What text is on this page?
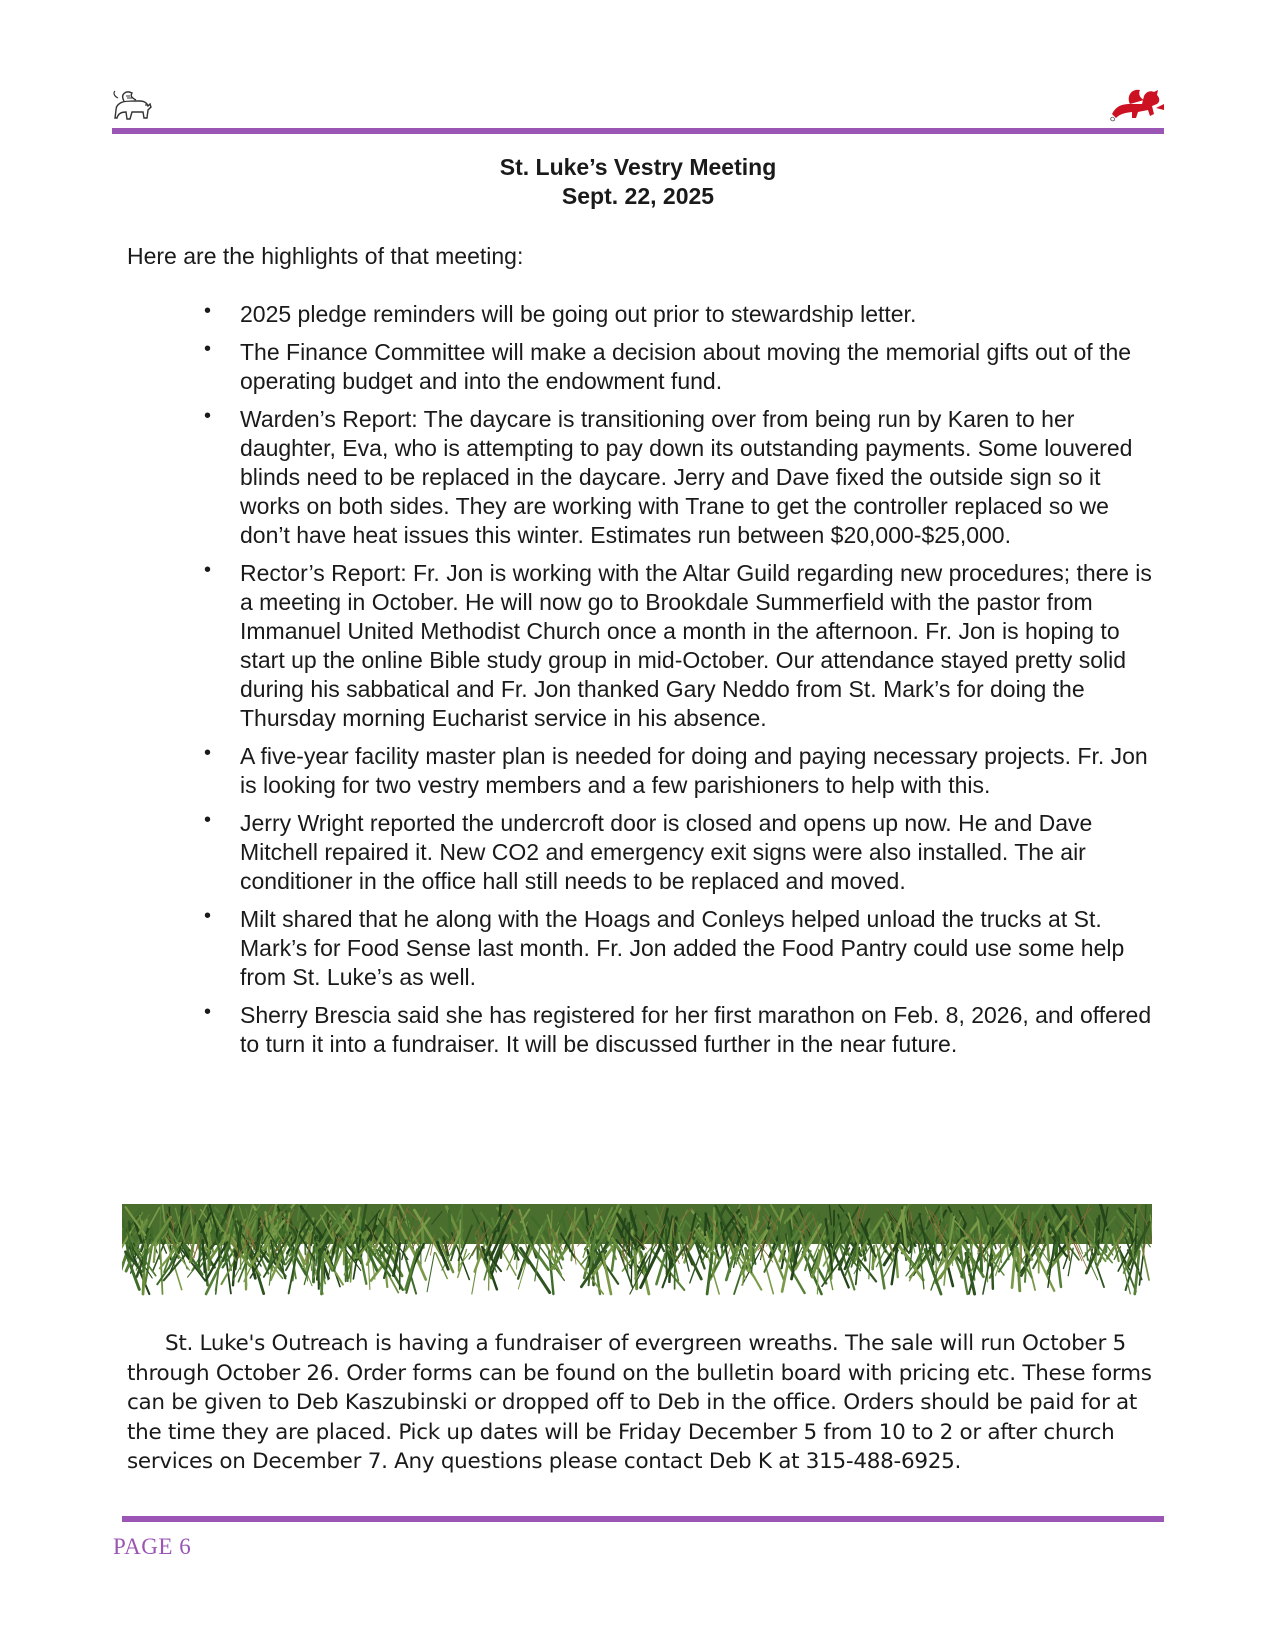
St. Luke’s Vestry Meeting
Sept. 22, 2025
Here are the highlights of that meeting:
• 2025 pledge reminders will be going out prior to stewardship letter.
• The Finance Committee will make a decision about moving the memorial gifts out of the operating budget and into the endowment fund.
• Warden’s Report: The daycare is transitioning over from being run by Karen to her daughter, Eva, who is attempting to pay down its outstanding payments. Some louvered blinds need to be replaced in the daycare. Jerry and Dave fixed the outside sign so it works on both sides. They are working with Trane to get the controller replaced so we don’t have heat issues this winter. Estimates run between $20,000-$25,000.
• Rector’s Report: Fr. Jon is working with the Altar Guild regarding new procedures; there is a meeting in October. He will now go to Brookdale Summerfield with the pastor from Immanuel United Methodist Church once a month in the afternoon. Fr. Jon is hoping to start up the online Bible study group in mid-October. Our attendance stayed pretty solid during his sabbatical and Fr. Jon thanked Gary Neddo from St. Mark’s for doing the Thursday morning Eucharist service in his absence.
• A five-year facility master plan is needed for doing and paying necessary projects. Fr. Jon is looking for two vestry members and a few parishioners to help with this.
• Jerry Wright reported the undercroft door is closed and opens up now. He and Dave Mitchell repaired it. New CO2 and emergency exit signs were also installed. The air conditioner in the office hall still needs to be replaced and moved.
• Milt shared that he along with the Hoags and Conleys helped unload the trucks at St. Mark’s for Food Sense last month. Fr. Jon added the Food Pantry could use some help from St. Luke’s as well.
• Sherry Brescia said she has registered for her first marathon on Feb. 8, 2026, and offered to turn it into a fundraiser. It will be discussed further in the near future.
St. Luke's Outreach is having a fundraiser of evergreen wreaths. The sale will run October 5 through October 26. Order forms can be found on the bulletin board with pricing etc. These forms can be given to Deb Kaszubinski or dropped off to Deb in the office. Orders should be paid for at the time they are placed. Pick up dates will be Friday December 5 from 10 to 2 or after church services on December 7. Any questions please contact Deb K at 315-488-6925.
PAGE 6
